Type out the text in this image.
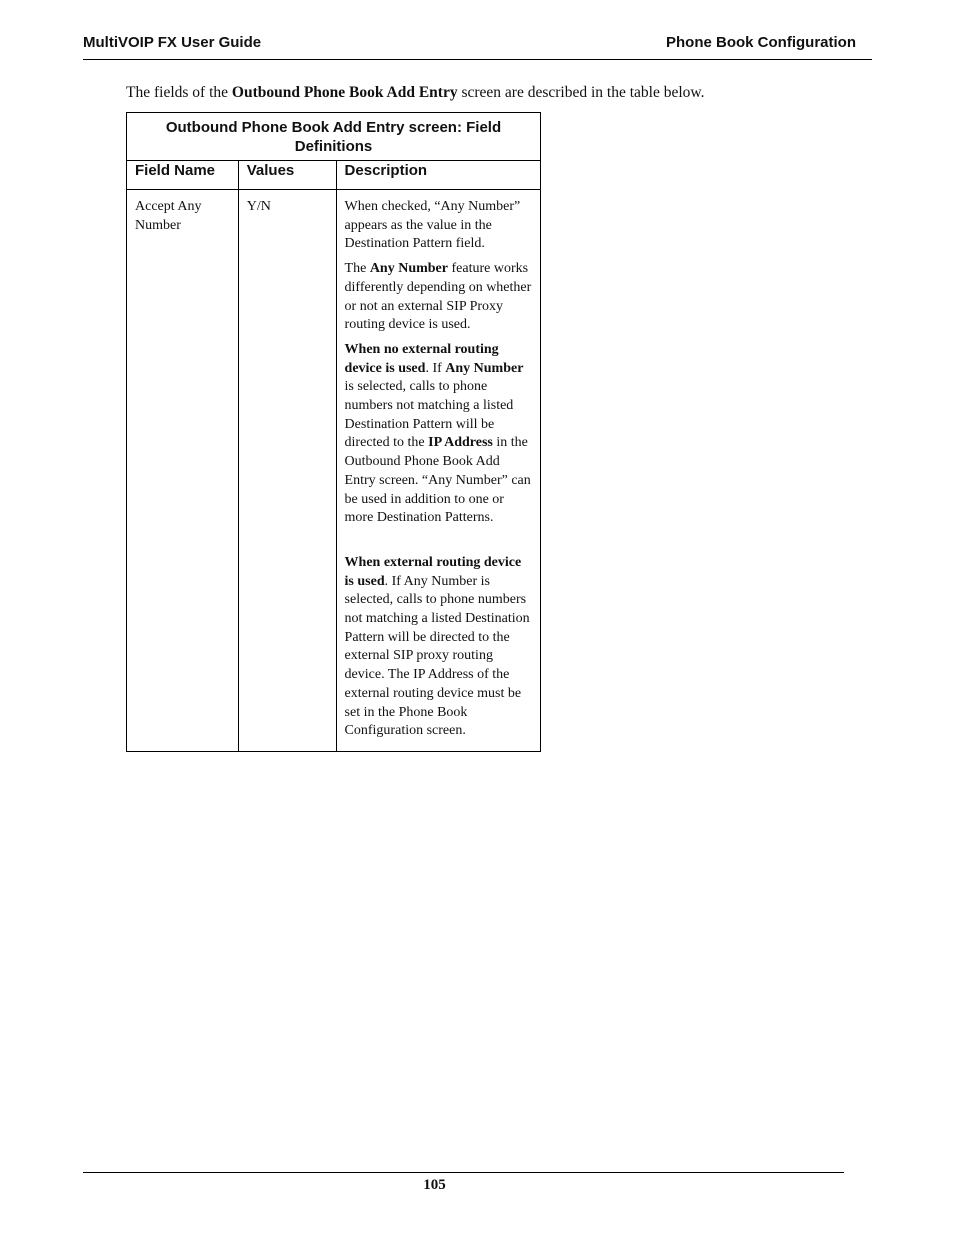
MultiVOIP FX User Guide	Phone Book Configuration
The fields of the Outbound Phone Book Add Entry screen are described in the table below.
Outbound Phone Book Add Entry screen: Field Definitions		
Field Name	Values	Description
Accept Any Number	Y/N	When checked, “Any Number” appears as the value in the Destination Pattern field.

The Any Number feature works differently depending on whether or not an external SIP Proxy routing device is used.

When no external routing device is used. If Any Number is selected, calls to phone numbers not matching a listed Destination Pattern will be directed to the IP Address in the Outbound Phone Book Add Entry screen. “Any Number” can be used in addition to one or more Destination Patterns.

When external routing device is used. If Any Number is selected, calls to phone numbers not matching a listed Destination Pattern will be directed to the external SIP proxy routing device. The IP Address of the external routing device must be set in the Phone Book Configuration screen.

105
